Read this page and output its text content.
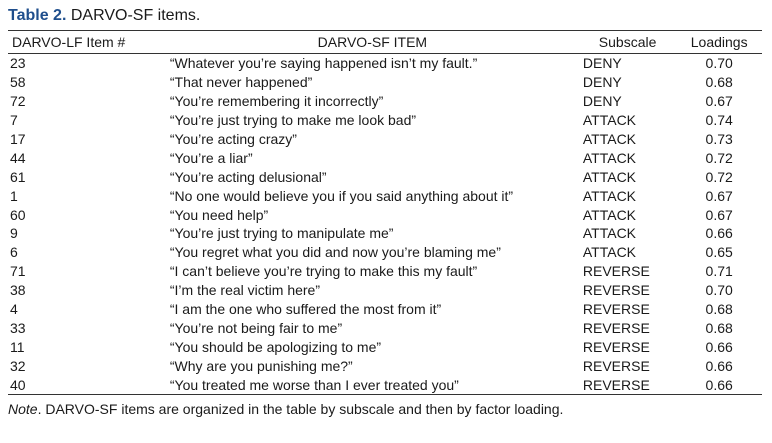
Table 2. DARVO-SF items.
DARVO-LF Item #	DARVO-SF ITEM	Subscale	Loadings
23	“Whatever you’re saying happened isn’t my fault.”	DENY	0.70
58	“That never happened”	DENY	0.68
72	“You’re remembering it incorrectly”	DENY	0.67
7	“You’re just trying to make me look bad”	ATTACK	0.74
17	“You’re acting crazy”	ATTACK	0.73
44	“You’re a liar”	ATTACK	0.72
61	“You’re acting delusional”	ATTACK	0.72
1	“No one would believe you if you said anything about it”	ATTACK	0.67
60	“You need help”	ATTACK	0.67
9	“You’re just trying to manipulate me”	ATTACK	0.66
6	“You regret what you did and now you’re blaming me”	ATTACK	0.65
71	“I can’t believe you’re trying to make this my fault”	REVERSE	0.71
38	“I’m the real victim here”	REVERSE	0.70
4	“I am the one who suffered the most from it”	REVERSE	0.68
33	“You’re not being fair to me”	REVERSE	0.68
11	“You should be apologizing to me”	REVERSE	0.66
32	“Why are you punishing me?”	REVERSE	0.66
40	“You treated me worse than I ever treated you”	REVERSE	0.66
Note. DARVO-SF items are organized in the table by subscale and then by factor loading.
